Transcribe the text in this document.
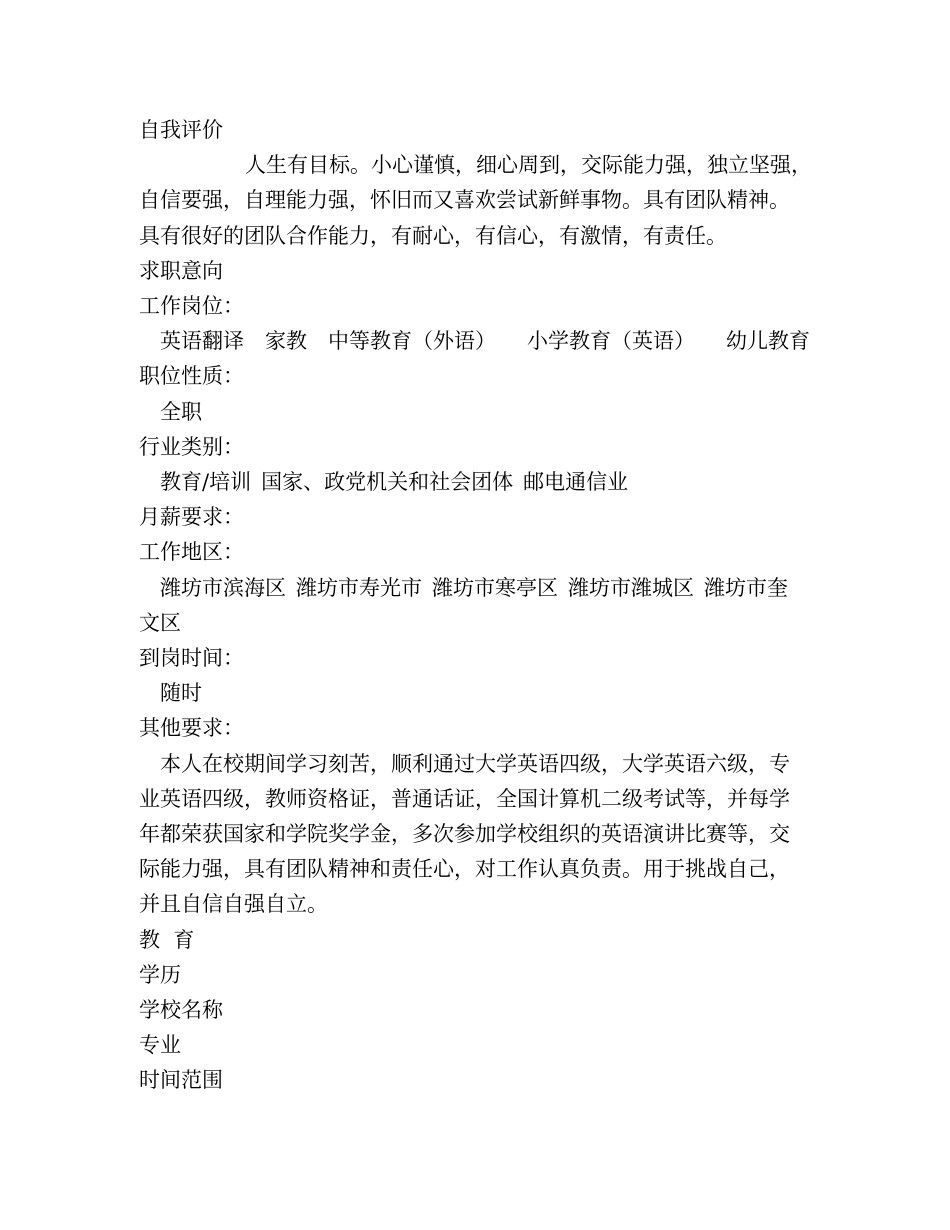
自我评价

人生有目标。小心谨慎，细心周到，交际能力强，独立坚强，

自信要强，自理能力强，怀旧而又喜欢尝试新鲜事物。具有团队精神。

具有很好的团队合作能力，有耐心，有信心，有激情，有责任。

求职意向

工作岗位：

英语翻译 家教 中等教育（外语） 小学教育（英语） 幼儿教育

职位性质：

全职

行业类别：

教育/培训 国家、政党机关和社会团体 邮电通信业

月薪要求：

工作地区：

潍坊市滨海区 潍坊市寿光市 潍坊市寒亭区 潍坊市潍城区 潍坊市奎

文区

到岗时间：

随时

其他要求：

本人在校期间学习刻苦，顺利通过大学英语四级，大学英语六级，专

业英语四级，教师资格证，普通话证，全国计算机二级考试等，并每学

年都荣获国家和学院奖学金，多次参加学校组织的英语演讲比赛等，交

际能力强，具有团队精神和责任心，对工作认真负责。用于挑战自己，

并且自信自强自立。

教  育

学历

学校名称

专业

时间范围
